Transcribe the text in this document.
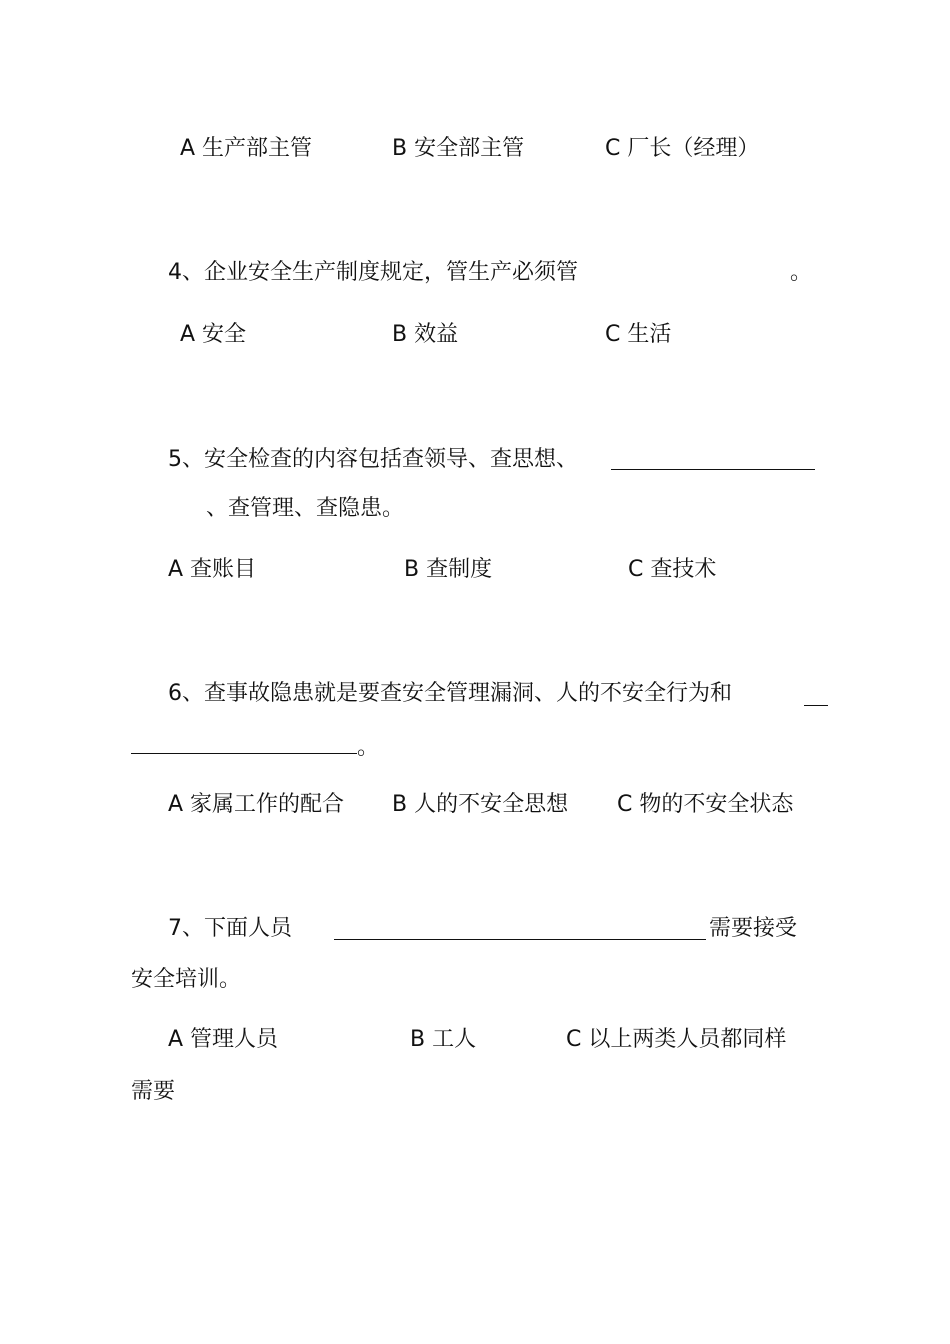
A 生产部主管	B 安全部主管	C 厂长（经理）
4、企业安全生产制度规定，管生产必须管	。
A 安全	B 效益	C 生活
5、安全检查的内容包括查领导、查思想、
、查管理、查隐患。
A 查账目	B 查制度	C 查技术
6、查事故隐患就是要查安全管理漏洞、人的不安全行为和
。
A 家属工作的配合 B 人的不安全思想 C 物的不安全状态
7、下面人员	需要接受
安全培训。
A 管理人员	B 工人	C 以上两类人员都同样
需要
